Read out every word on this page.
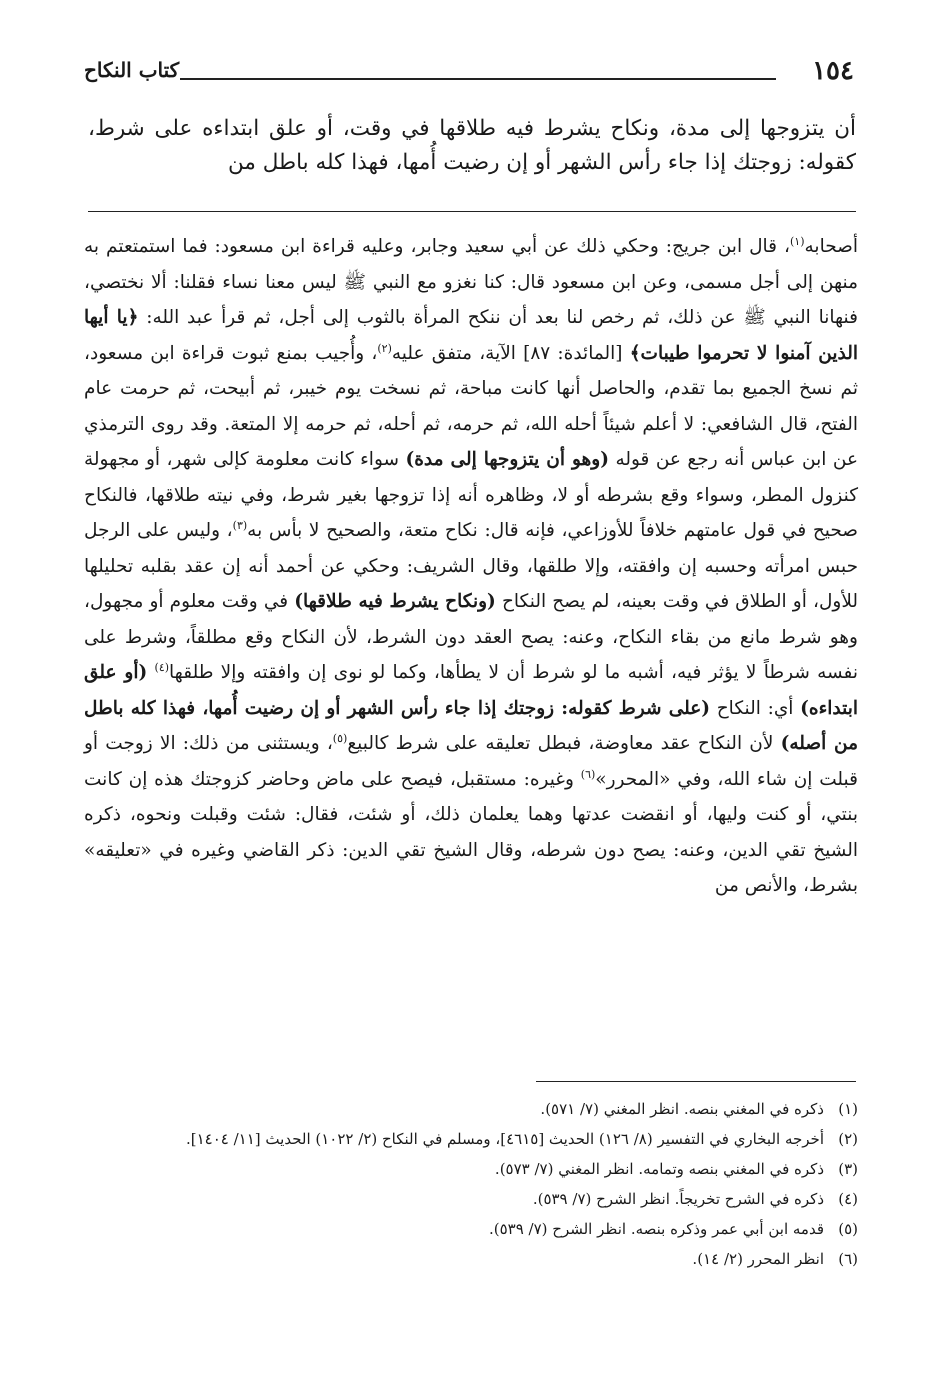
١٥٤
كتاب النكاح
أن يتزوجها إلى مدة، ونكاح يشرط فيه طلاقها في وقت، أو علق ابتداءه على شرط، كقوله: زوجتك إذا جاء رأس الشهر أو إن رضيت أُمها، فهذا كله باطل من
أصحابه$^{(١)}$، قال ابن جريج: وحكي ذلك عن أبي سعيد وجابر، وعليه قراءة ابن مسعود: فما استمتعتم به منهن إلى أجل مسمى، وعن ابن مسعود قال: كنا نغزو مع النبي ﷺ ليس معنا نساء فقلنا: ألا نختصي، فنهانا النبي ﷺ عن ذلك، ثم رخص لنا بعد أن ننكح المرأة بالثوب إلى أجل، ثم قرأ عبد الله: ﴿يا أيها الذين آمنوا لا تحرموا طيبات﴾ [المائدة: ٨٧] الآية، متفق عليه$^{(٢)}$، وأُجيب بمنع ثبوت قراءة ابن مسعود، ثم نسخ الجميع بما تقدم، والحاصل أنها كانت مباحة، ثم نسخت يوم خيبر، ثم أبيحت، ثم حرمت عام الفتح، قال الشافعي: لا أعلم شيئاً أحله الله، ثم حرمه، ثم أحله، ثم حرمه إلا المتعة. وقد روى الترمذي عن ابن عباس أنه رجع عن قوله (وهو أن يتزوجها إلى مدة) سواء كانت معلومة كإلى شهر، أو مجهولة كنزول المطر، وسواء وقع بشرطه أو لا، وظاهره أنه إذا تزوجها بغير شرط، وفي نيته طلاقها، فالنكاح صحيح في قول عامتهم خلافاً للأوزاعي، فإنه قال: نكاح متعة، والصحيح لا بأس به$^{(٣)}$، وليس على الرجل حبس امرأته وحسبه إن وافقته، وإلا طلقها، وقال الشريف: وحكي عن أحمد أنه إن عقد بقلبه تحليلها للأول، أو الطلاق في وقت بعينه، لم يصح النكاح (ونكاح يشرط فيه طلاقها) في وقت معلوم أو مجهول، وهو شرط مانع من بقاء النكاح، وعنه: يصح العقد دون الشرط، لأن النكاح وقع مطلقاً، وشرط على نفسه شرطاً لا يؤثر فيه، أشبه ما لو شرط أن لا يطأها، وكما لو نوى إن وافقته وإلا طلقها$^{(٤)}$ (أو علق ابتداءه) أي: النكاح (على شرط كقوله: زوجتك إذا جاء رأس الشهر أو إن رضيت أُمها، فهذا كله باطل من أصله) لأن النكاح عقد معاوضة، فبطل تعليقه على شرط كالبيع$^{(٥)}$، ويستثنى من ذلك: الا زوجت أو قبلت إن شاء الله، وفي «المحرر»$^{(٦)}$ وغيره: مستقبل، فيصح على ماض وحاضر كزوجتك هذه إن كانت بنتي، أو كنت وليها، أو انقضت عدتها وهما يعلمان ذلك، أو شئت، فقال: شئت وقبلت ونحوه، ذكره الشيخ تقي الدين، وعنه: يصح دون شرطه، وقال الشيخ تقي الدين: ذكر القاضي وغيره في «تعليقه» بشرط، والأنص من
(١)
ذكره في المغني بنصه. انظر المغني (٧/ ٥٧١).
(٢)
أخرجه البخاري في التفسير (٨/ ١٢٦) الحديث [٤٦١٥]، ومسلم في النكاح (٢/ ١٠٢٢) الحديث [١١/ ١٤٠٤].
(٣)
ذكره في المغني بنصه وتمامه. انظر المغني (٧/ ٥٧٣).
(٤)
ذكره في الشرح تخريجاً. انظر الشرح (٧/ ٥٣٩).
(٥)
قدمه ابن أبي عمر وذكره بنصه. انظر الشرح (٧/ ٥٣٩).
(٦)
انظر المحرر (٢/ ١٤).
